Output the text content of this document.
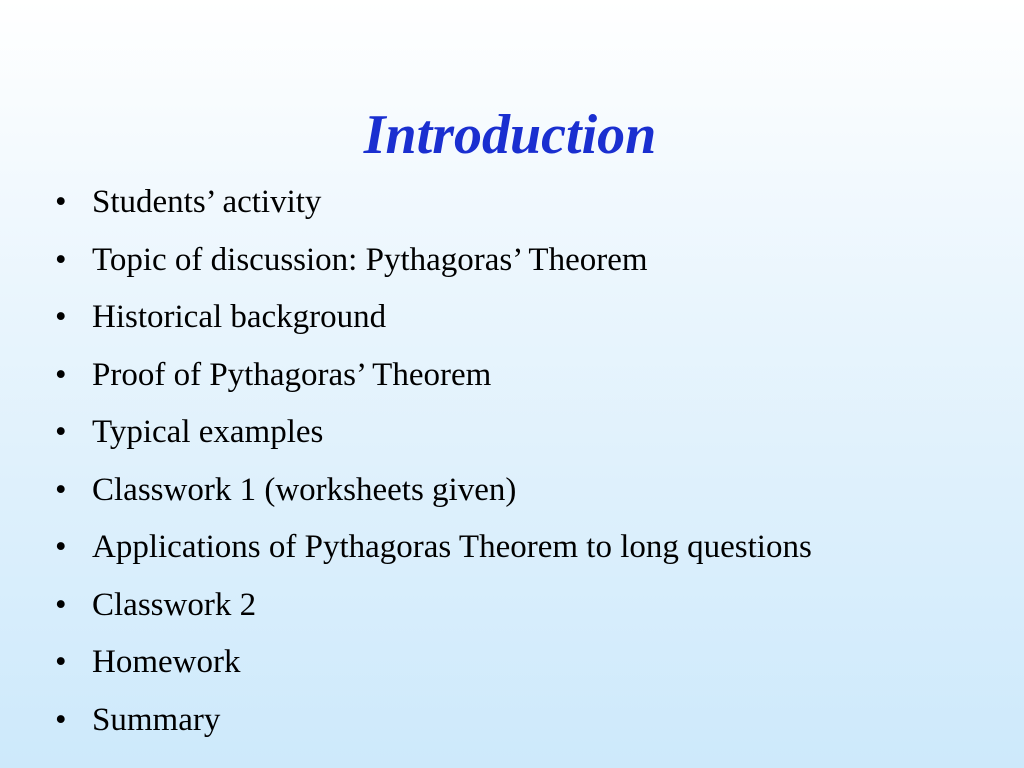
Introduction
• Students’ activity
• Topic of discussion: Pythagoras’ Theorem
• Historical background
• Proof of Pythagoras’ Theorem
• Typical examples
• Classwork 1 (worksheets given)
• Applications of Pythagoras Theorem to long questions
• Classwork 2
• Homework
• Summary
